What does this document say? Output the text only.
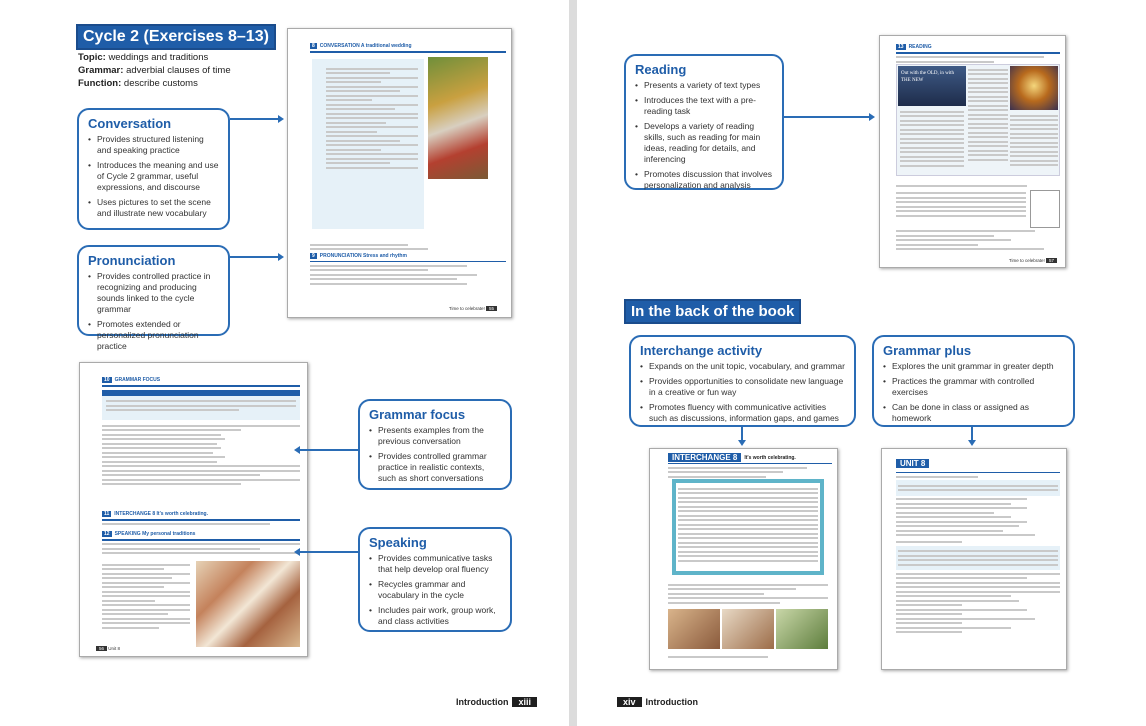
Cycle 2 (Exercises 8–13)
Topic: weddings and traditions
Grammar: adverbial clauses of time
Function: describe customs
Conversation
• Provides structured listening and speaking practice
• Introduces the meaning and use of Cycle 2 grammar, useful expressions, and discourse
• Uses pictures to set the scene and illustrate new vocabulary
Pronunciation
• Provides controlled practice in recognizing and producing sounds linked to the cycle grammar
• Promotes extended or personalized pronunciation practice
8	CONVERSATION A traditional wedding
9	PRONUNCIATION Stress and rhythm
Time to celebrate! 55
10	GRAMMAR FOCUS
11	INTERCHANGE 8 It's worth celebrating.
12	SPEAKING My personal traditions
56 Unit 8
Grammar focus
• Presents examples from the previous conversation
• Provides controlled grammar practice in realistic contexts, such as short conversations
Speaking
• Provides communicative tasks that help develop oral fluency
• Recycles grammar and vocabulary in the cycle
• Includes pair work, group work, and class activities
Introduction xiii
Reading
• Presents a variety of text types
• Introduces the text with a pre-reading task
• Develops a variety of reading skills, such as reading for main ideas, reading for details, and inferencing
• Promotes discussion that involves personalization and analysis
13	READING
Out with the OLD, in with THE NEW
Time to celebrate! 57
In the back of the book
Interchange activity
• Expands on the unit topic, vocabulary, and grammar
• Provides opportunities to consolidate new language in a creative or fun way
• Promotes fluency with communicative activities such as discussions, information gaps, and games
Grammar plus
• Explores the unit grammar in greater depth
• Practices the grammar with controlled exercises
• Can be done in class or assigned as homework
INTERCHANGE 8	It's worth celebrating.
UNIT 8
xiv Introduction
